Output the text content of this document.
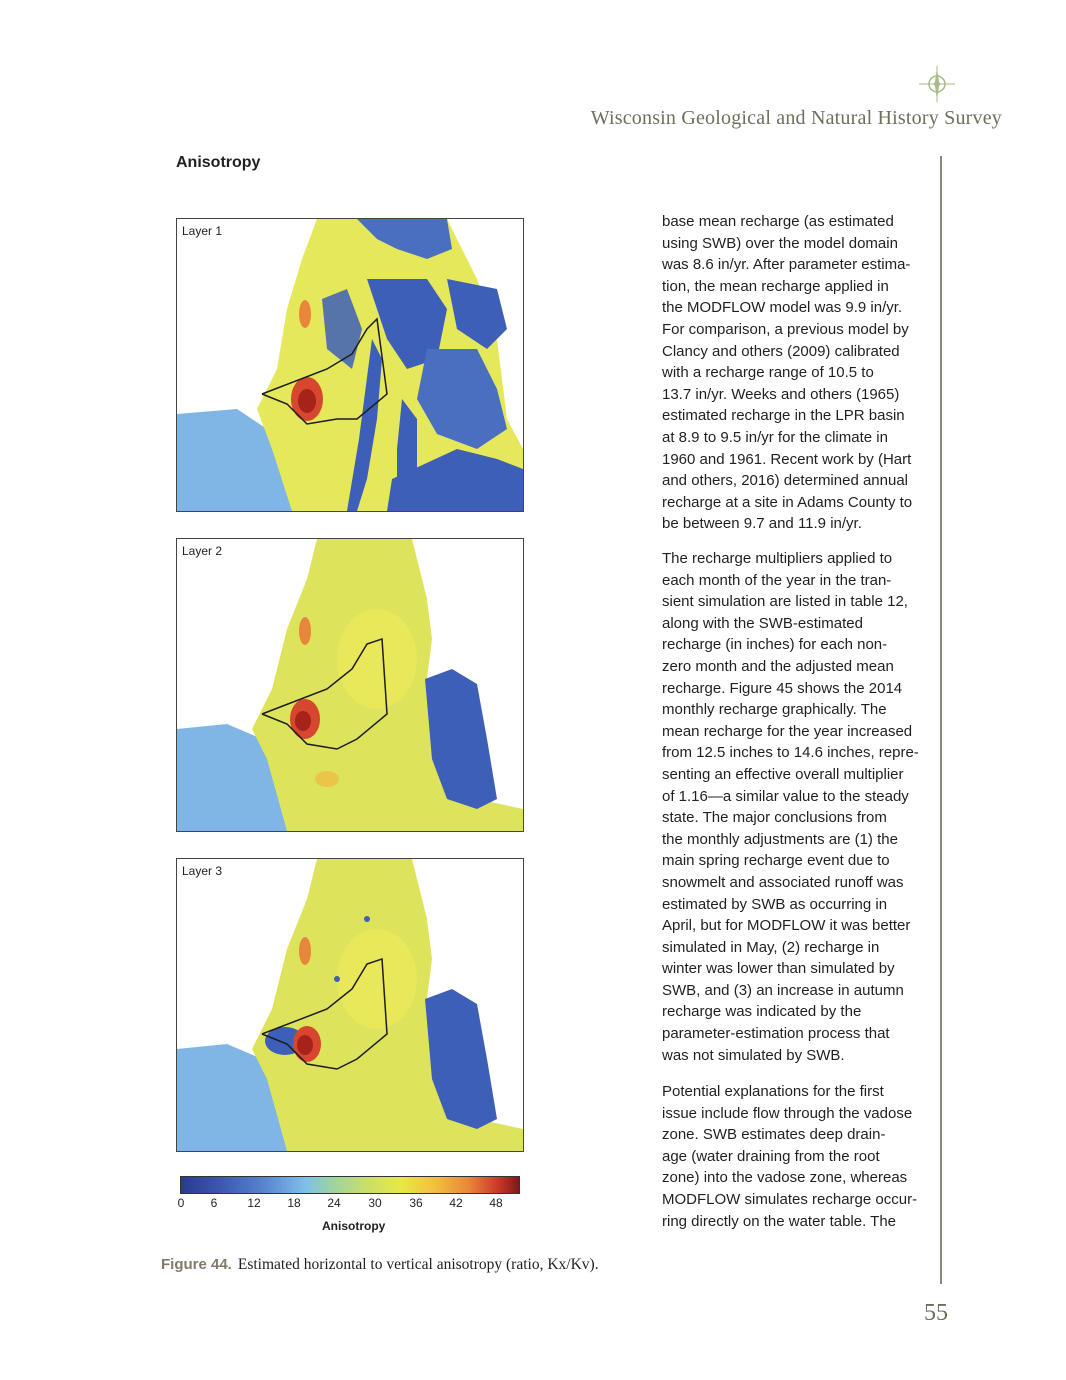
Wisconsin Geological and Natural History Survey
Anisotropy
Layer 1
Layer 2
Layer 3
0 6 12 18 24 30 36 42 48
Anisotropy
Figure 44. Estimated horizontal to vertical anisotropy (ratio, Kx/Kv).
base mean recharge (as estimated
using SWB) over the model domain
was 8.6 in/yr. After parameter estima-
tion, the mean recharge applied in
the MODFLOW model was 9.9 in/yr.
For comparison, a previous model by
Clancy and others (2009) calibrated
with a recharge range of 10.5 to
13.7 in/yr. Weeks and others (1965)
estimated recharge in the LPR basin
at 8.9 to 9.5 in/yr for the climate in
1960 and 1961. Recent work by (Hart
and others, 2016) determined annual
recharge at a site in Adams County to
be between 9.7 and 11.9 in/yr.
The recharge multipliers applied to
each month of the year in the tran-
sient simulation are listed in table 12,
along with the SWB-estimated
recharge (in inches) for each non-
zero month and the adjusted mean
recharge. Figure 45 shows the 2014
monthly recharge graphically. The
mean recharge for the year increased
from 12.5 inches to 14.6 inches, repre-
senting an effective overall multiplier
of 1.16—a similar value to the steady
state. The major conclusions from
the monthly adjustments are (1) the
main spring recharge event due to
snowmelt and associated runoff was
estimated by SWB as occurring in
April, but for MODFLOW it was better
simulated in May, (2) recharge in
winter was lower than simulated by
SWB, and (3) an increase in autumn
recharge was indicated by the
parameter-estimation process that
was not simulated by SWB.
Potential explanations for the first
issue include flow through the vadose
zone. SWB estimates deep drain-
age (water draining from the root
zone) into the vadose zone, whereas
MODFLOW simulates recharge occur-
ring directly on the water table. The
55
